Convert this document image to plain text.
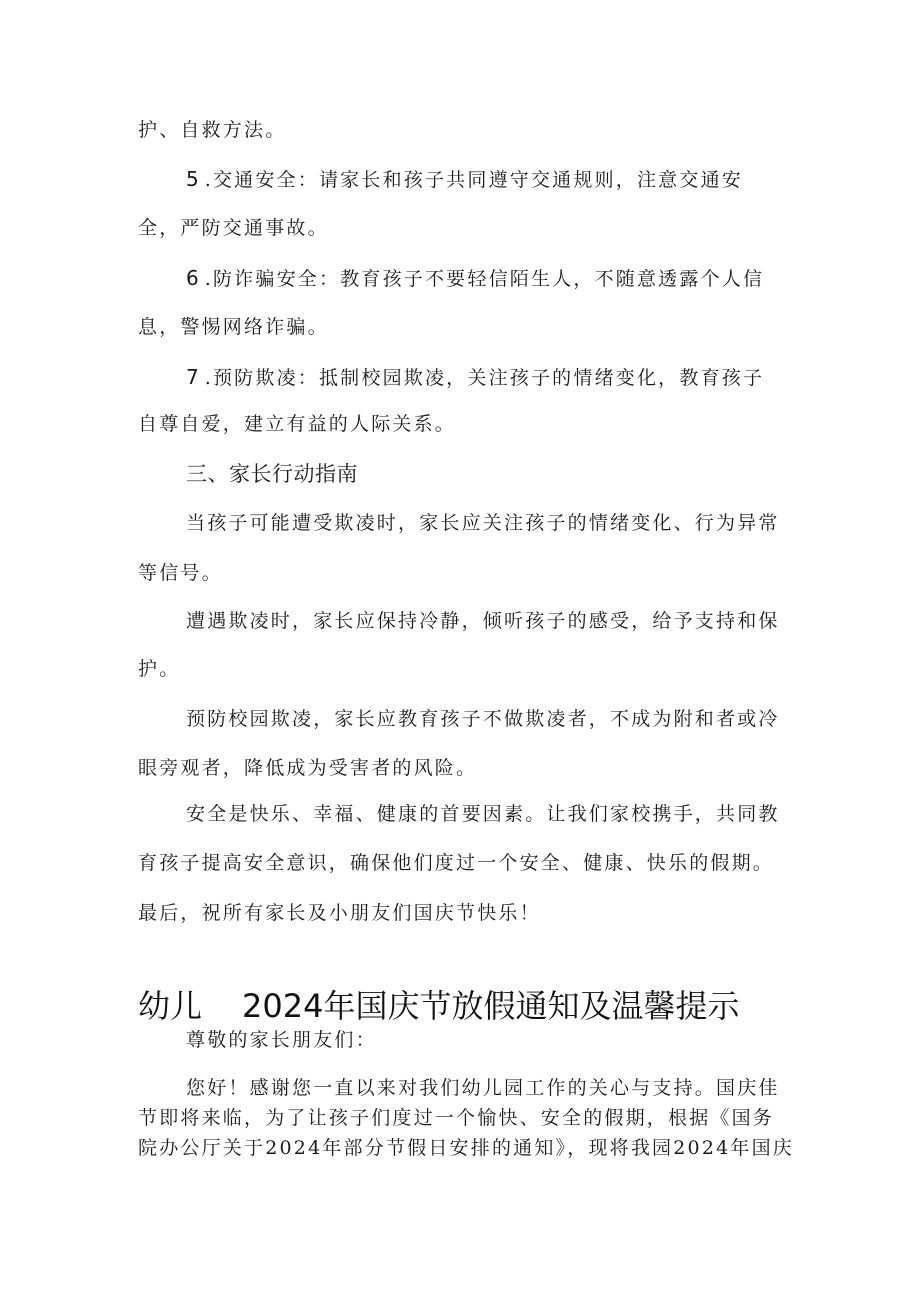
护、自救方法。
5 .交通安全：请家长和孩子共同遵守交通规则，注意交通安
全，严防交通事故。
6 .防诈骗安全：教育孩子不要轻信陌生人，不随意透露个人信
息，警惕网络诈骗。
7 .预防欺凌：抵制校园欺凌，关注孩子的情绪变化，教育孩子
自尊自爱，建立有益的人际关系。
三、家长行动指南
当孩子可能遭受欺凌时，家长应关注孩子的情绪变化、行为异常
等信号。
遭遇欺凌时，家长应保持冷静，倾听孩子的感受，给予支持和保
护。
预防校园欺凌，家长应教育孩子不做欺凌者，不成为附和者或冷
眼旁观者，降低成为受害者的风险。
安全是快乐、幸福、健康的首要因素。让我们家校携手，共同教
育孩子提高安全意识，确保他们度过一个安全、健康、快乐的假期。
最后，祝所有家长及小朋友们国庆节快乐！
幼儿 2024年国庆节放假通知及温馨提示
尊敬的家长朋友们：
您好！感谢您一直以来对我们幼儿园工作的关心与支持。国庆佳
节即将来临，为了让孩子们度过一个愉快、安全的假期，根据《国务
院办公厅关于2024年部分节假日安排的通知》，现将我园2024年国庆
